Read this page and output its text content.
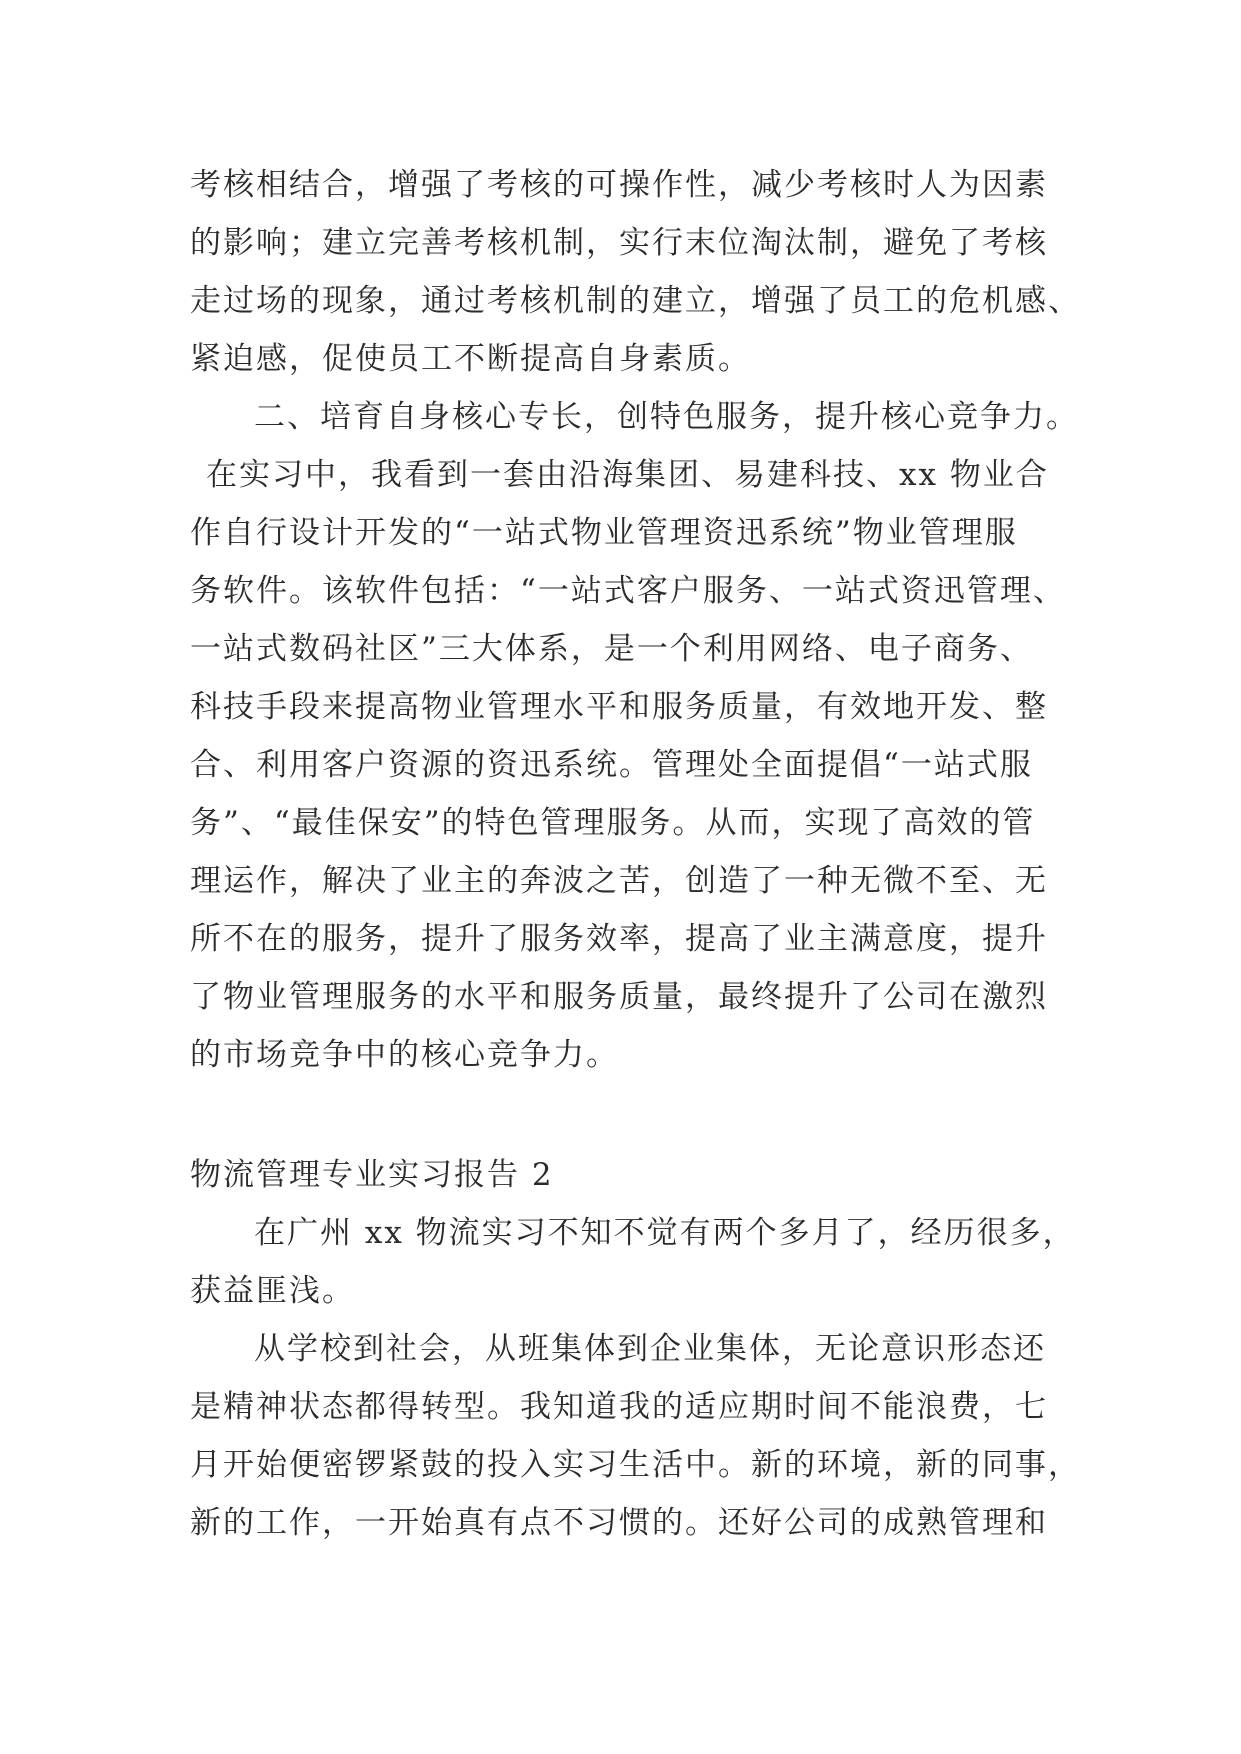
考核相结合，增强了考核的可操作性，减少考核时人为因素
的影响；建立完善考核机制，实行末位淘汰制，避免了考核
走过场的现象，通过考核机制的建立，增强了员工的危机感、
紧迫感，促使员工不断提高自身素质。
二、培育自身核心专长，创特色服务，提升核心竞争力。
在实习中，我看到一套由沿海集团、易建科技、xx 物业合
作自行设计开发的“一站式物业管理资迅系统”物业管理服
务软件。该软件包括：“一站式客户服务、一站式资迅管理、
一站式数码社区”三大体系，是一个利用网络、电子商务、
科技手段来提高物业管理水平和服务质量，有效地开发、整
合、利用客户资源的资迅系统。管理处全面提倡“一站式服
务”、“最佳保安”的特色管理服务。从而，实现了高效的管
理运作，解决了业主的奔波之苦，创造了一种无微不至、无
所不在的服务，提升了服务效率，提高了业主满意度，提升
了物业管理服务的水平和服务质量，最终提升了公司在激烈
的市场竞争中的核心竞争力。
物流管理专业实习报告 2
在广州 xx 物流实习不知不觉有两个多月了，经历很多，
获益匪浅。
从学校到社会，从班集体到企业集体，无论意识形态还
是精神状态都得转型。我知道我的适应期时间不能浪费，七
月开始便密锣紧鼓的投入实习生活中。新的环境，新的同事，
新的工作，一开始真有点不习惯的。还好公司的成熟管理和
